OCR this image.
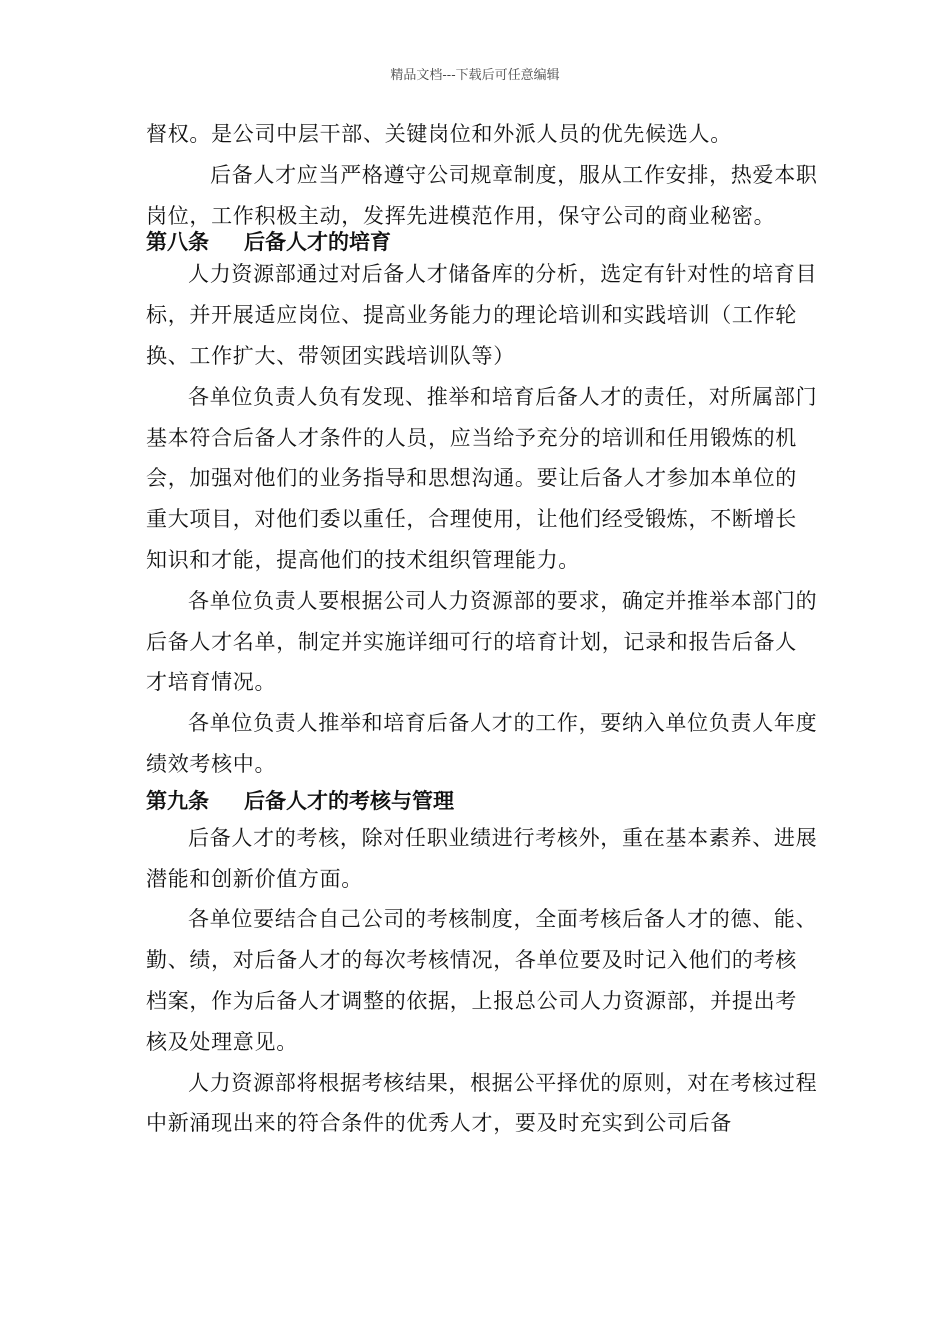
精品文档---下载后可任意编辑

督权。是公司中层干部、关键岗位和外派人员的优先候选人。

后备人才应当严格遵守公司规章制度，服从工作安排，热爱本职岗位，工作积极主动，发挥先进模范作用，保守公司的商业秘密。

第八条	后备人才的培育

人力资源部通过对后备人才储备库的分析，选定有针对性的培育目标，并开展适应岗位、提高业务能力的理论培训和实践培训（工作轮换、工作扩大、带领团实践培训队等）

各单位负责人负有发现、推举和培育后备人才的责任，对所属部门基本符合后备人才条件的人员，应当给予充分的培训和任用锻炼的机会，加强对他们的业务指导和思想沟通。要让后备人才参加本单位的重大项目，对他们委以重任，合理使用，让他们经受锻炼，不断增长知识和才能，提高他们的技术组织管理能力。

各单位负责人要根据公司人力资源部的要求，确定并推举本部门的后备人才名单，制定并实施详细可行的培育计划，记录和报告后备人才培育情况。

各单位负责人推举和培育后备人才的工作，要纳入单位负责人年度绩效考核中。

第九条	后备人才的考核与管理

后备人才的考核，除对任职业绩进行考核外，重在基本素养、进展潜能和创新价值方面。

各单位要结合自己公司的考核制度，全面考核后备人才的德、能、勤、绩，对后备人才的每次考核情况，各单位要及时记入他们的考核档案，作为后备人才调整的依据，上报总公司人力资源部，并提出考核及处理意见。

人力资源部将根据考核结果，根据公平择优的原则，对在考核过程中新涌现出来的符合条件的优秀人才，要及时充实到公司后备
